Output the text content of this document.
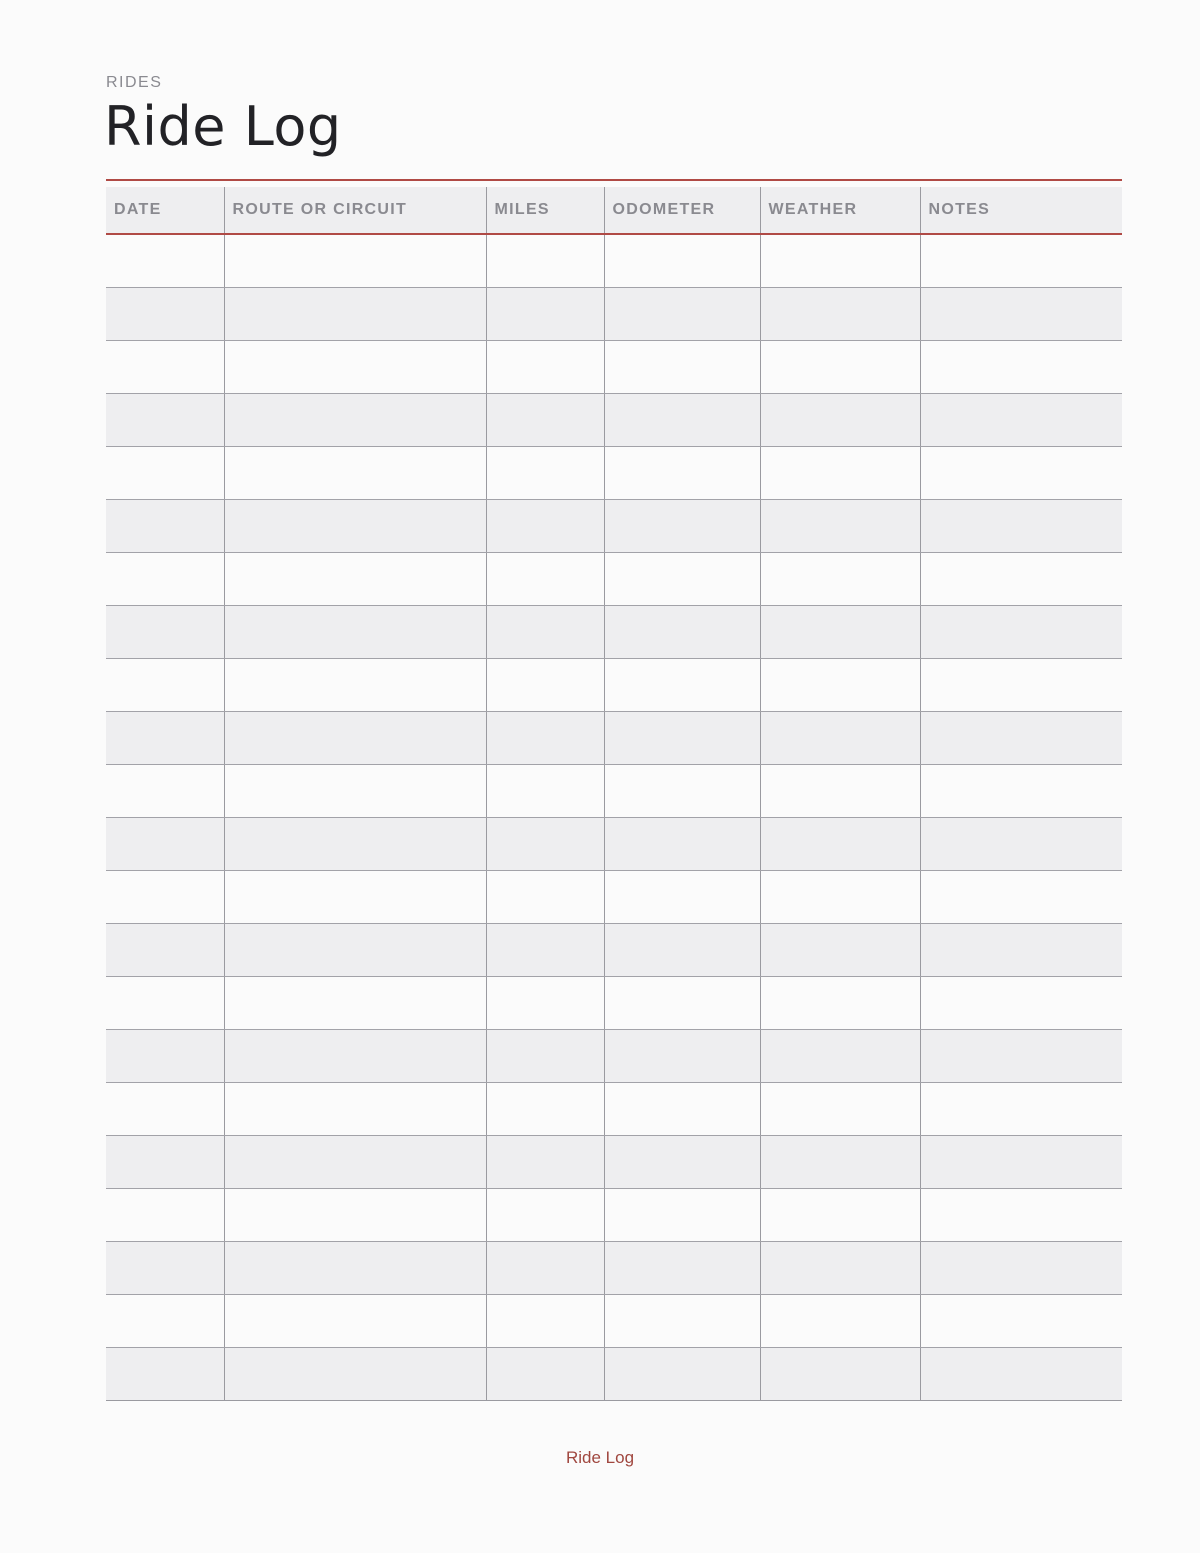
RIDES
Ride Log
DATE	ROUTE OR CIRCUIT	MILES	ODOMETER	WEATHER	NOTES

Ride Log
